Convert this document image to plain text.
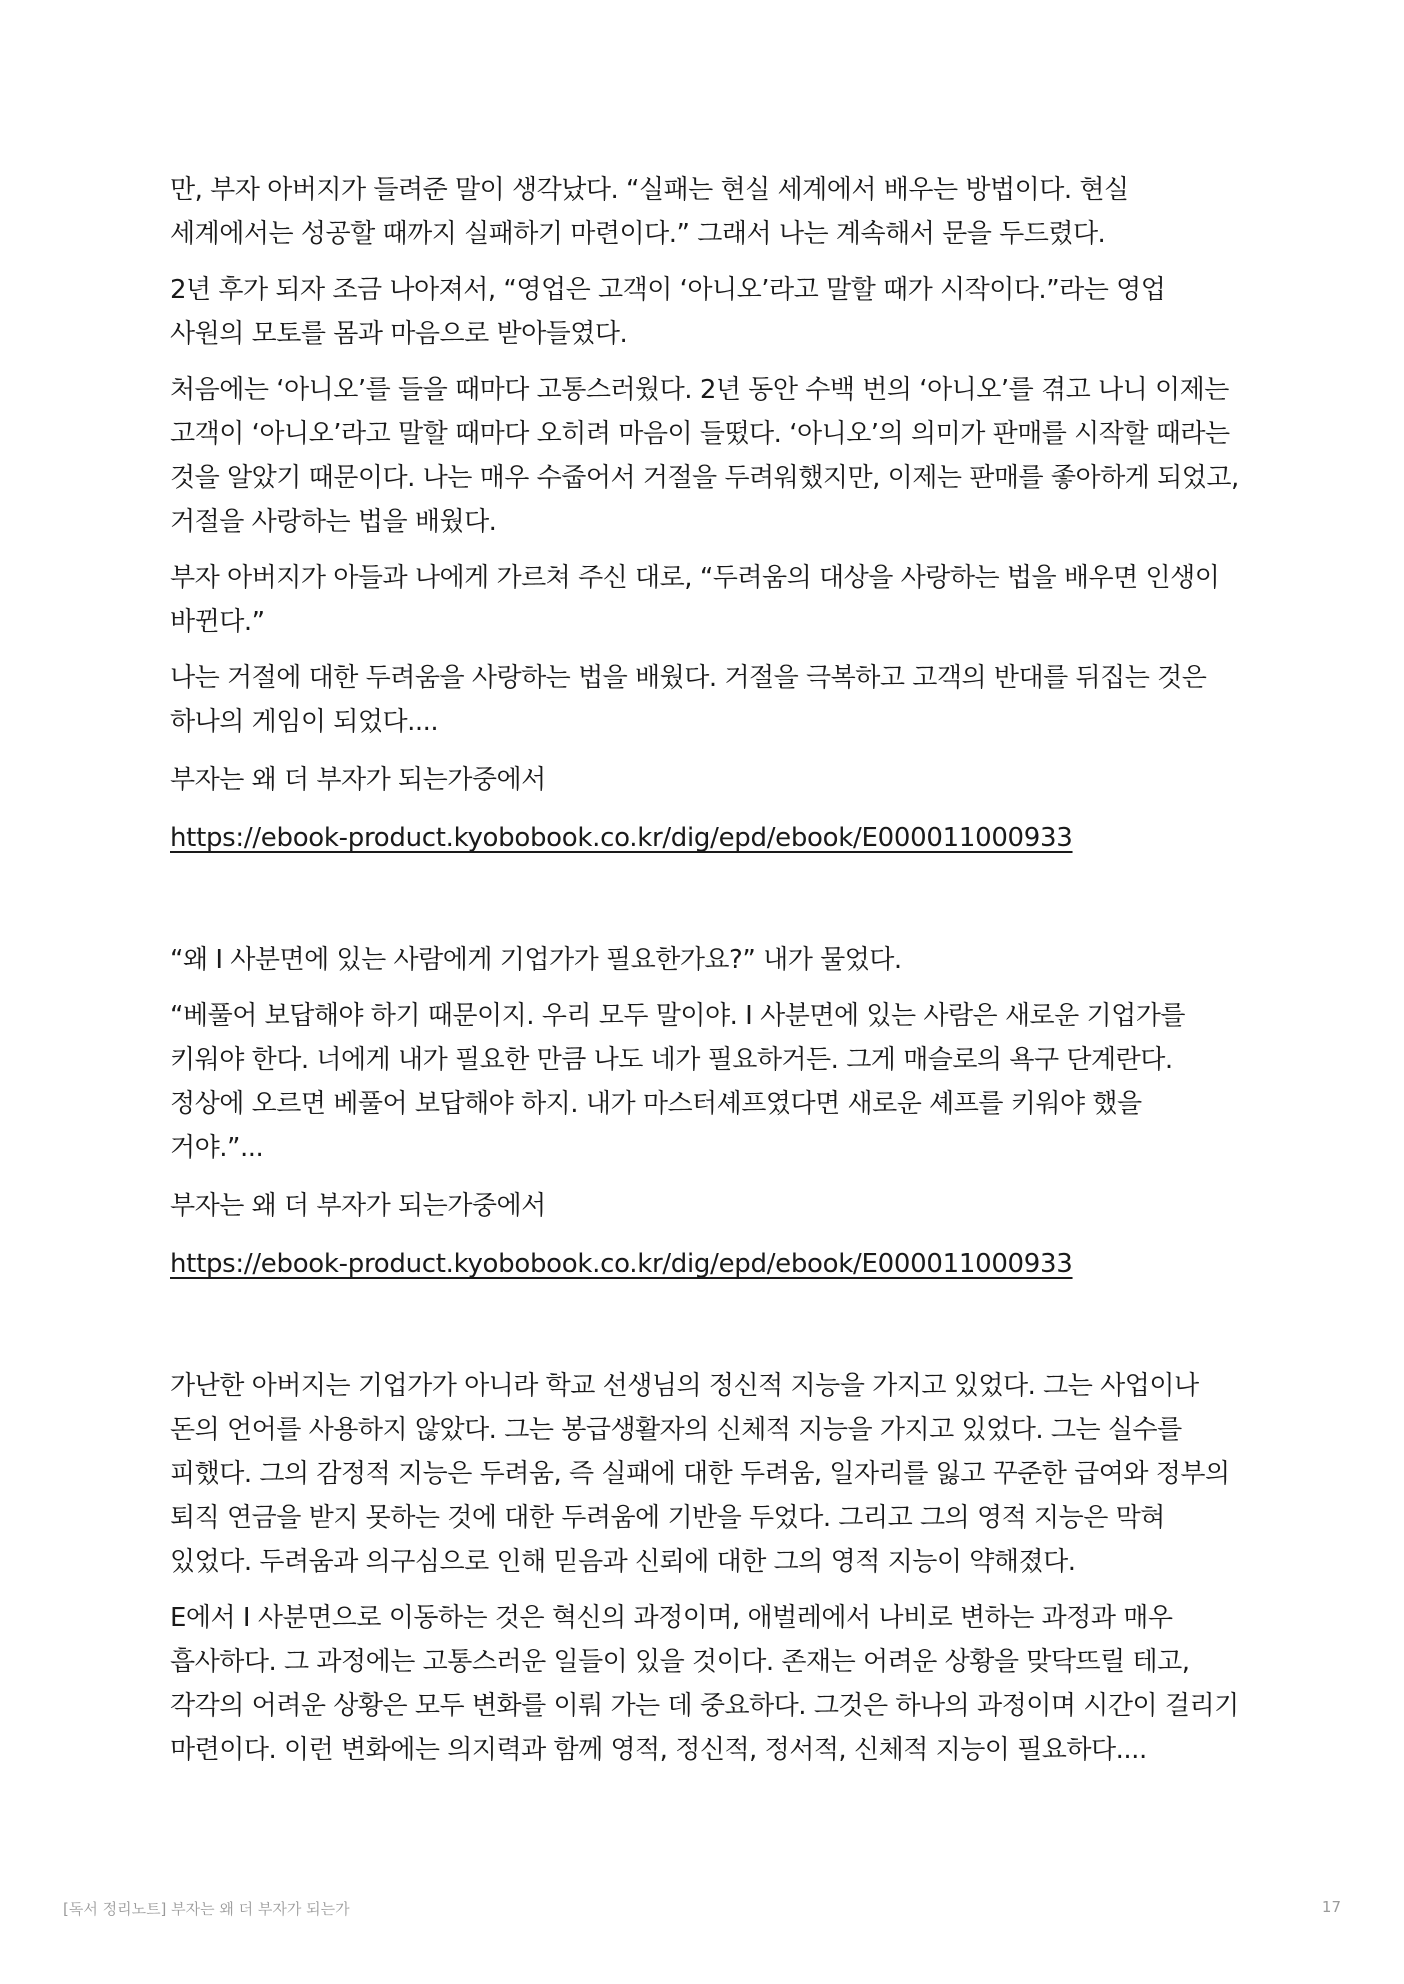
만, 부자 아버지가 들려준 말이 생각났다. “실패는 현실 세계에서 배우는 방법이다. 현실 세계에서는 성공할 때까지 실패하기 마련이다.” 그래서 나는 계속해서 문을 두드렸다.

2년 후가 되자 조금 나아져서, “영업은 고객이 ‘아니오’라고 말할 때가 시작이다.”라는 영업 사원의 모토를 몸과 마음으로 받아들였다.

처음에는 ‘아니오’를 들을 때마다 고통스러웠다. 2년 동안 수백 번의 ‘아니오’를 겪고 나니 이제는 고객이 ‘아니오’라고 말할 때마다 오히려 마음이 들떴다. ‘아니오’의 의미가 판매를 시작할 때라는 것을 알았기 때문이다. 나는 매우 수줍어서 거절을 두려워했지만, 이제는 판매를 좋아하게 되었고, 거절을 사랑하는 법을 배웠다.

부자 아버지가 아들과 나에게 가르쳐 주신 대로, “두려움의 대상을 사랑하는 법을 배우면 인생이 바뀐다.”

나는 거절에 대한 두려움을 사랑하는 법을 배웠다. 거절을 극복하고 고객의 반대를 뒤집는 것은 하나의 게임이 되었다....

부자는 왜 더 부자가 되는가중에서

https://ebook-product.kyobobook.co.kr/dig/epd/ebook/E000011000933

“왜 I 사분면에 있는 사람에게 기업가가 필요한가요?” 내가 물었다.

“베풀어 보답해야 하기 때문이지. 우리 모두 말이야. I 사분면에 있는 사람은 새로운 기업가를 키워야 한다. 너에게 내가 필요한 만큼 나도 네가 필요하거든. 그게 매슬로의 욕구 단계란다. 정상에 오르면 베풀어 보답해야 하지. 내가 마스터셰프였다면 새로운 셰프를 키워야 했을 거야.”...

부자는 왜 더 부자가 되는가중에서

https://ebook-product.kyobobook.co.kr/dig/epd/ebook/E000011000933

가난한 아버지는 기업가가 아니라 학교 선생님의 정신적 지능을 가지고 있었다. 그는 사업이나 돈의 언어를 사용하지 않았다. 그는 봉급생활자의 신체적 지능을 가지고 있었다. 그는 실수를 피했다. 그의 감정적 지능은 두려움, 즉 실패에 대한 두려움, 일자리를 잃고 꾸준한 급여와 정부의 퇴직 연금을 받지 못하는 것에 대한 두려움에 기반을 두었다. 그리고 그의 영적 지능은 막혀 있었다. 두려움과 의구심으로 인해 믿음과 신뢰에 대한 그의 영적 지능이 약해졌다.

E에서 I 사분면으로 이동하는 것은 혁신의 과정이며, 애벌레에서 나비로 변하는 과정과 매우 흡사하다. 그 과정에는 고통스러운 일들이 있을 것이다. 존재는 어려운 상황을 맞닥뜨릴 테고, 각각의 어려운 상황은 모두 변화를 이뤄 가는 데 중요하다. 그것은 하나의 과정이며 시간이 걸리기 마련이다. 이런 변화에는 의지력과 함께 영적, 정신적, 정서적, 신체적 지능이 필요하다....

[독서 정리노트] 부자는 왜 더 부자가 되는가	17
